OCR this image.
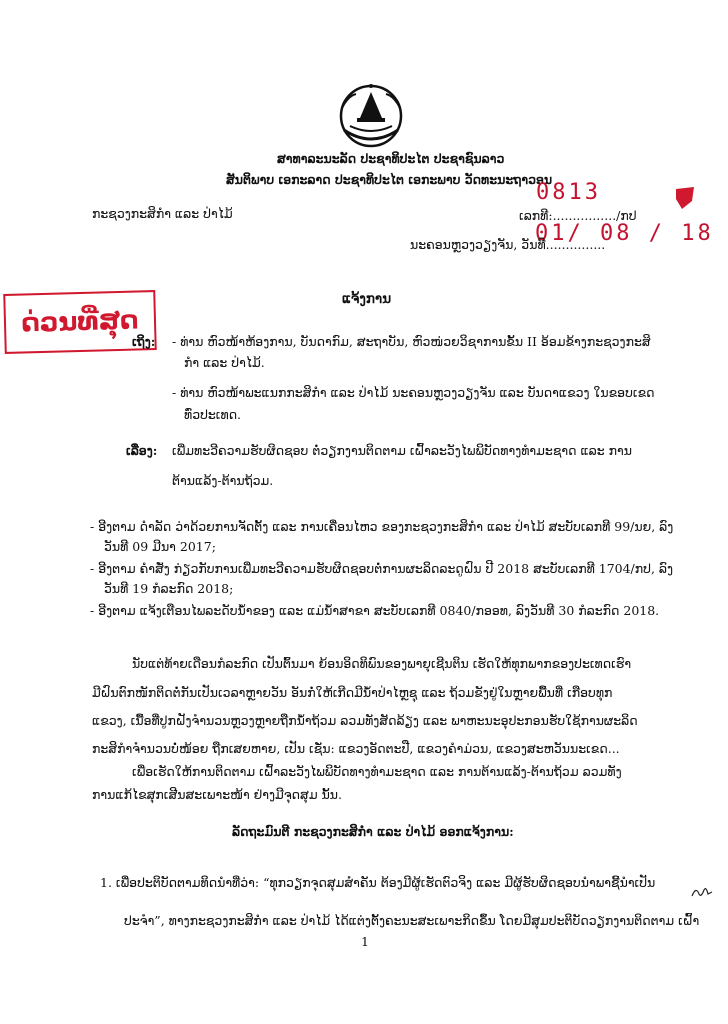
ສາທາລະນະລັດ ປະຊາທິປະໄຕ ປະຊາຊົນລາວ
ສັນຕິພາບ ເອກະລາດ ປະຊາທິປະໄຕ ເອກະພາບ ວັດທະນະຖາວອນ
ກະຊວງກະສິກໍາ ແລະ ປ່າໄມ້
0813
ເລກທີ:................/ກປ
01/ 08 / 18
ນະຄອນຫຼວງວຽງຈັນ, ວັນທີ...............
ແຈ້ງການ
ດ່ວນທີ່ສຸດ
ເຖິງ: - ທ່ານ ຫົວໜ້າຫ້ອງການ, ບັນດາກົມ, ສະຖາບັນ, ຫົວໜ່ວຍວິຊາການຂັ້ນ II ອ້ອມຂ້າງກະຊວງກະສິ
ກໍາ ແລະ ປ່າໄມ້.
- ທ່ານ ຫົວໜ້າພະແນກກະສິກໍາ ແລະ ປ່າໄມ້ ນະຄອນຫຼວງວຽງຈັນ ແລະ ບັນດາແຂວງ ໃນຂອບເຂດ
ທົ່ວປະເທດ.
ເລື່ອງ: ເພີ່ມທະວີຄວາມຮັບຜິດຊອບ ຕໍ່ວຽກງານຕິດຕາມ ເຝົ້າລະວັງໄພພິບັດທາງທໍາມະຊາດ ແລະ ການ
ຕ້ານແລ້ງ-ຕ້ານຖ້ວມ.
- ອີງຕາມ ດໍາລັດ ວ່າດ້ວຍການຈັດຕັ້ງ ແລະ ການເຄື່ອນໄຫວ ຂອງກະຊວງກະສິກໍາ ແລະ ປ່າໄມ້ ສະບັບເລກທີ 99/ນຍ, ລົງ
ວັນທີ 09 ມີນາ 2017;
- ອີງຕາມ ຄໍາສັ່ງ ກ່ຽວກັບການເພີ່ມທະວີຄວາມຮັບຜິດຊອບຕໍ່ການຜະລິດລະດູຝົນ ປີ 2018 ສະບັບເລກທີ 1704/ກປ, ລົງ
ວັນທີ 19 ກໍລະກົດ 2018;
- ອີງຕາມ ແຈ້ງເຕືອນໄພລະດັບນໍ້າຂອງ ແລະ ແມ່ນໍ້າສາຂາ ສະບັບເລກທີ 0840/ກອອທ, ລົງວັນທີ 30 ກໍລະກົດ 2018.
ນັບແຕ່ທ້າຍເດືອນກໍລະກົດ ເປັນຕົ້ນມາ ຍ້ອນອິດທິພົນຂອງພາຍຸເຊີນຕິນ ເຮັດໃຫ້ທຸກພາກຂອງປະເທດເຮົາ
ມີຝົນຕົກໜັກຕິດຕໍ່ກັນເປັນເວລາຫຼາຍວັນ ອັນກໍ່ໃຫ້ເກີດມີນໍ້າປ່າໄຫຼຊຸ ແລະ ຖ້ວມຂັງຢູ່ໃນຫຼາຍພື້ນທີ່ ເກືອບທຸກ
ແຂວງ, ເນື້ອທີ່ປູກຝັງຈໍານວນຫຼວງຫຼາຍຖືກນໍ້າຖ້ວມ ລວມທັງສັດລ້ຽງ ແລະ ພາຫະນະອຸປະກອນຮັບໃຊ້ການຜະລິດ
ກະສິກໍາຈໍານວນບໍ່ໜ້ອຍ ຖືກເສຍຫາຍ, ເປັນ ເຊັ່ນ: ແຂວງອັດຕະປື, ແຂວງຄໍາມ່ວນ, ແຂວງສະຫວັນນະເຂດ...
ເພື່ອເຮັດໃຫ້ການຕິດຕາມ ເຝົ້າລະວັງໄພພິບັດທາງທໍາມະຊາດ ແລະ ການຕ້ານແລ້ງ-ຕ້ານຖ້ວມ ລວມທັງ
ການແກ້ໄຂສຸກເສີນສະເພາະໜ້າ ຢ່າງມີຈຸດສຸມ ນັ້ນ.
ລັດຖະມົນຕີ ກະຊວງກະສິກໍາ ແລະ ປ່າໄມ້ ອອກແຈ້ງການ:
1. ເພື່ອປະຕິບັດຕາມທິດນໍາທີ່ວ່າ: “ທຸກວຽກຈຸດສຸມສໍາຄັນ ຕ້ອງມີຜູ້ເຮັດຕົວຈິງ ແລະ ມີຜູ້ຮັບຜິດຊອບນໍາພາຊີ້ນໍາເປັນ
ປະຈໍາ”, ທາງກະຊວງກະສິກໍາ ແລະ ປ່າໄມ້ ໄດ້ແຕ່ງຕັ້ງຄະນະສະເພາະກິດຂຶ້ນ ໂດຍມີສຸມປະຕິບັດວຽກງານຕິດຕາມ ເຝົ້າ
1
